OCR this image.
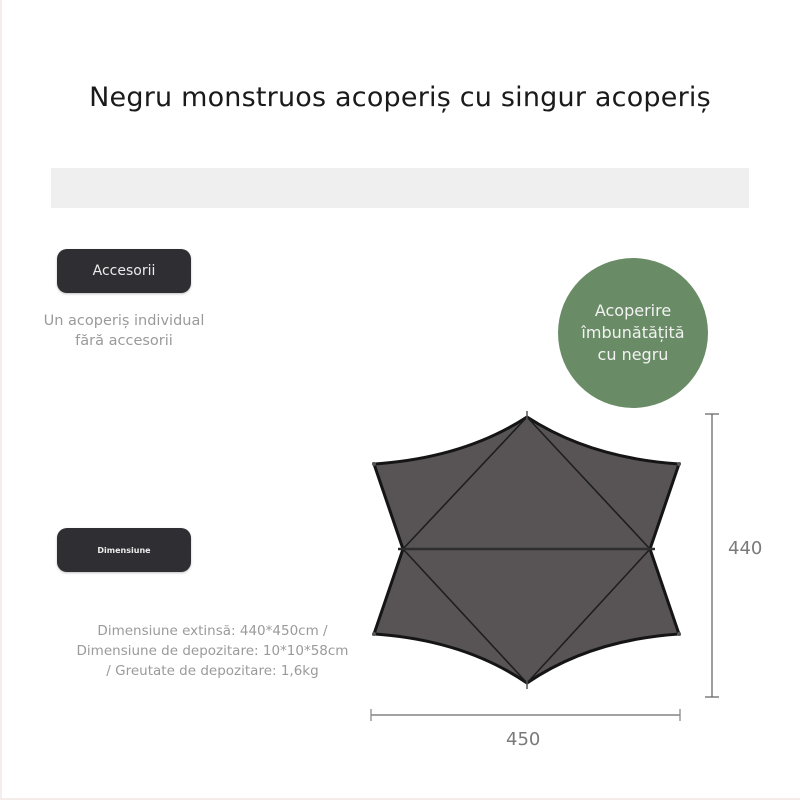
Negru monstruos acoperiș cu singur acoperiș
Accesorii
Un acoperiș individual
fără accesorii
Dimensiune
Dimensiune extinsă: 440*450cm /
Dimensiune de depozitare: 10*10*58cm
/ Greutate de depozitare: 1,6kg
Acoperire
îmbunătățită
cu negru
440
450
